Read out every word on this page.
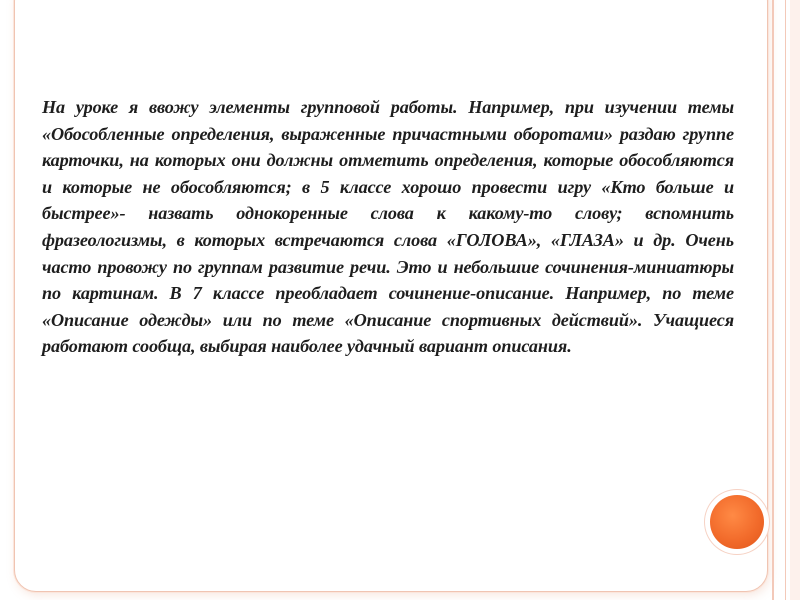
На уроке я ввожу элементы групповой работы. Например, при изучении темы «Обособленные определения, выраженные причастными оборотами» раздаю группе карточки, на которых они должны отметить определения, которые обособляются и которые не обособляются; в 5 классе хорошо провести игру «Кто больше и быстрее»- назвать однокоренные слова к какому-то слову; вспомнить фразеологизмы, в которых встречаются слова «ГОЛОВА», «ГЛАЗА» и др. Очень часто провожу по группам развитие речи. Это и небольшие сочинения-миниатюры по картинам. В 7 классе преобладает сочинение-описание. Например, по теме «Описание одежды» или по теме «Описание спортивных действий». Учащиеся работают сообща, выбирая наиболее удачный вариант описания.
